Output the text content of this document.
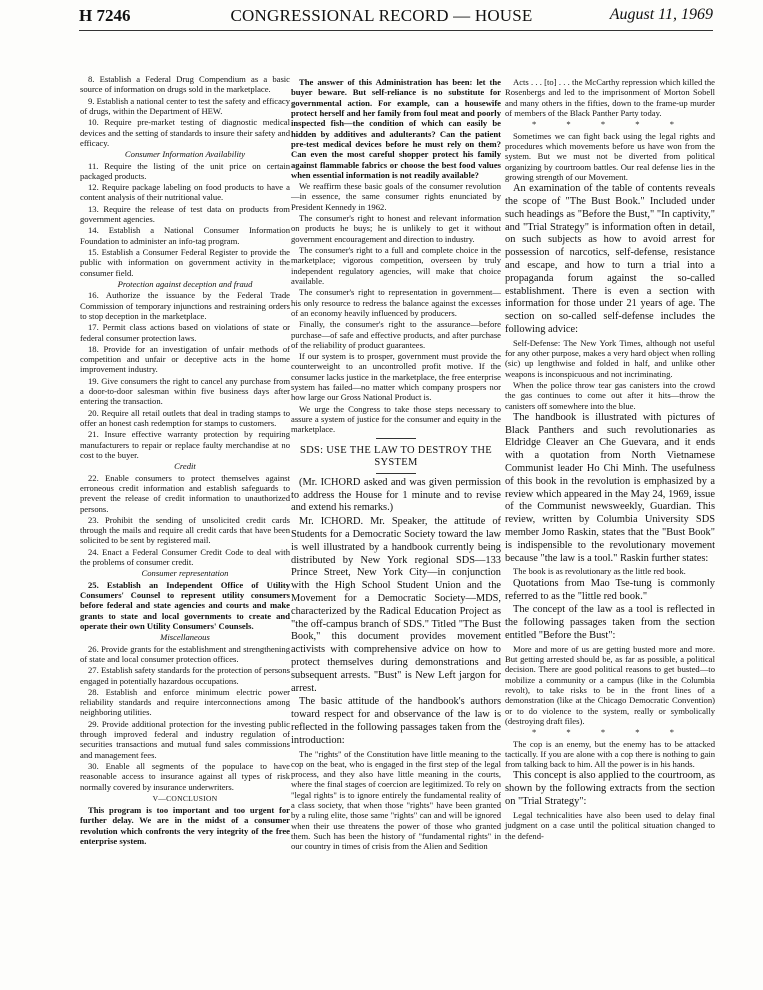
H 7246	CONGRESSIONAL RECORD — HOUSE	August 11, 1969

8. Establish a Federal Drug Compendium as a basic source of information on drugs sold in the marketplace.

9. Establish a national center to test the safety and efficacy of drugs, within the Department of HEW.

10. Require pre-market testing of diagnostic medical devices and the setting of standards to insure their safety and efficacy.

Consumer Information Availability

11. Require the listing of the unit price on certain packaged products.

12. Require package labeling on food products to have a content analysis of their nutritional value.

13. Require the release of test data on products from government agencies.

14. Establish a National Consumer Information Foundation to administer an info-tag program.

15. Establish a Consumer Federal Register to provide the public with information on government activity in the consumer field.

Protection against deception and fraud

16. Authorize the issuance by the Federal Trade Commission of temporary injunctions and restraining orders to stop deception in the marketplace.

17. Permit class actions based on violations of state or federal consumer protection laws.

18. Provide for an investigation of unfair methods of competition and unfair or deceptive acts in the home improvement industry.

19. Give consumers the right to cancel any purchase from a door-to-door salesman within five business days after entering the transaction.

20. Require all retail outlets that deal in trading stamps to offer an honest cash redemption for stamps to customers.

21. Insure effective warranty protection by requiring manufacturers to repair or replace faulty merchandise at no cost to the buyer.

Credit

22. Enable consumers to protect themselves against erroneous credit information and establish safeguards to prevent the release of credit information to unauthorized persons.

23. Prohibit the sending of unsolicited credit cards through the mails and require all credit cards that have been solicited to be sent by registered mail.

24. Enact a Federal Consumer Credit Code to deal with the problems of consumer credit.

Consumer representation

25. Establish an Independent Office of Utility Consumers' Counsel to represent utility consumers before federal and state agencies and courts and make grants to state and local governments to create and operate their own Utility Consumers' Counsels.

Miscellaneous

26. Provide grants for the establishment and strengthening of state and local consumer protection offices.

27. Establish safety standards for the protection of persons engaged in potentially hazardous occupations.

28. Establish and enforce minimum electric power reliability standards and require interconnections among neighboring utilities.

29. Provide additional protection for the investing public through improved federal and industry regulation of securities transactions and mutual fund sales commissions and management fees.

30. Enable all segments of the populace to have reasonable access to insurance against all types of risk normally covered by insurance underwriters.

V—CONCLUSION

This program is too important and too urgent for further delay. We are in the midst of a consumer revolution which confronts the very integrity of the free enterprise system.

The answer of this Administration has been: let the buyer beware. But self-reliance is no substitute for governmental action. For example, can a housewife protect herself and her family from foul meat and poorly inspected fish—the condition of which can easily be hidden by additives and adulterants? Can the patient pre-test medical devices before he must rely on them? Can even the most careful shopper protect his family against flammable fabrics or choose the best food values when essential information is not readily available?

We reaffirm these basic goals of the consumer revolution—in essence, the same consumer rights enunciated by President Kennedy in 1962.

The consumer's right to honest and relevant information on products he buys; he is unlikely to get it without government encouragement and direction to industry.

The consumer's right to a full and complete choice in the marketplace; vigorous competition, overseen by truly independent regulatory agencies, will make that choice available.

The consumer's right to representation in government—his only resource to redress the balance against the excesses of an economy heavily influenced by producers.

Finally, the consumer's right to the assurance—before purchase—of safe and effective products, and after purchase of the reliability of product guarantees.

If our system is to prosper, government must provide the counterweight to an uncontrolled profit motive. If the consumer lacks justice in the marketplace, the free enterprise system has failed—no matter which company prospers nor how large our Gross National Product is.

We urge the Congress to take those steps necessary to assure a system of justice for the consumer and equity in the marketplace.

SDS: USE THE LAW TO DESTROY THE SYSTEM

(Mr. ICHORD asked and was given permission to address the House for 1 minute and to revise and extend his remarks.)

Mr. ICHORD. Mr. Speaker, the attitude of Students for a Democratic Society toward the law is well illustrated by a handbook currently being distributed by New York regional SDS—133 Prince Street, New York City—in conjunction with the High School Student Union and the Movement for a Democratic Society—MDS, characterized by the Radical Education Project as "the off-campus branch of SDS." Titled "The Bust Book," this document provides movement activists with comprehensive advice on how to protect themselves during demonstrations and subsequent arrests. "Bust" is New Left jargon for arrest.

The basic attitude of the handbook's authors toward respect for and observance of the law is reflected in the following passages taken from the introduction:

The "rights" of the Constitution have little meaning to the cop on the beat, who is engaged in the first step of the legal process, and they also have little meaning in the courts, where the final stages of coercion are legitimized. To rely on "legal rights" is to ignore entirely the fundamental reality of a class society, that when those "rights" have been granted by a ruling elite, those same "rights" can and will be ignored when their use threatens the power of those who granted them. Such has been the history of "fundamental rights" in our country in times of crisis from the Alien and Sedition

Acts . . . [to] . . . the McCarthy repression which killed the Rosenbergs and led to the imprisonment of Morton Sobell and many others in the fifties, down to the frame-up murder of members of the Black Panther Party today.

* * * * *

Sometimes we can fight back using the legal rights and procedures which movements before us have won from the system. But we must not be diverted from political organizing by courtroom battles. Our real defense lies in the growing strength of our Movement.

An examination of the table of contents reveals the scope of "The Bust Book." Included under such headings as "Before the Bust," "In captivity," and "Trial Strategy" is information often in detail, on such subjects as how to avoid arrest for possession of narcotics, self-defense, resistance and escape, and how to turn a trial into a propaganda forum against the so-called establishment. There is even a section with information for those under 21 years of age. The section on so-called self-defense includes the following advice:

Self-Defense: The New York Times, although not useful for any other purpose, makes a very hard object when rolling (sic) up lengthwise and folded in half, and unlike other weapons is inconspicuous and not incriminating.

When the police throw tear gas canisters into the crowd the gas continues to come out after it hits—throw the canisters off somewhere into the blue.

The handbook is illustrated with pictures of Black Panthers and such revolutionaries as Eldridge Cleaver an Che Guevara, and it ends with a quotation from North Vietnamese Communist leader Ho Chi Minh. The usefulness of this book in the revolution is emphasized by a review which appeared in the May 24, 1969, issue of the Communist newsweekly, Guardian. This review, written by Columbia University SDS member Jomo Raskin, states that the "Bust Book" is indispensible to the revolutionary movement because "the law is a tool." Raskin further states:

The book is as revolutionary as the little red book.

Quotations from Mao Tse-tung is commonly referred to as the "little red book."

The concept of the law as a tool is reflected in the following passages taken from the section entitled "Before the Bust":

More and more of us are getting busted more and more. But getting arrested should be, as far as possible, a political decision. There are good political reasons to get busted—to mobilize a community or a campus (like in the Columbia revolt), to take risks to be in the front lines of a demonstration (like at the Chicago Democratic Convention) or to do violence to the system, really or symbolically (destroying draft files).

* * * * *

The cop is an enemy, but the enemy has to be attacked tactically. If you are alone with a cop there is nothing to gain from talking back to him. All the power is in his hands.

This concept is also applied to the courtroom, as shown by the following extracts from the section on "Trial Strategy":

Legal technicalities have also been used to delay final judgment on a case until the political situation changed to the defend-
